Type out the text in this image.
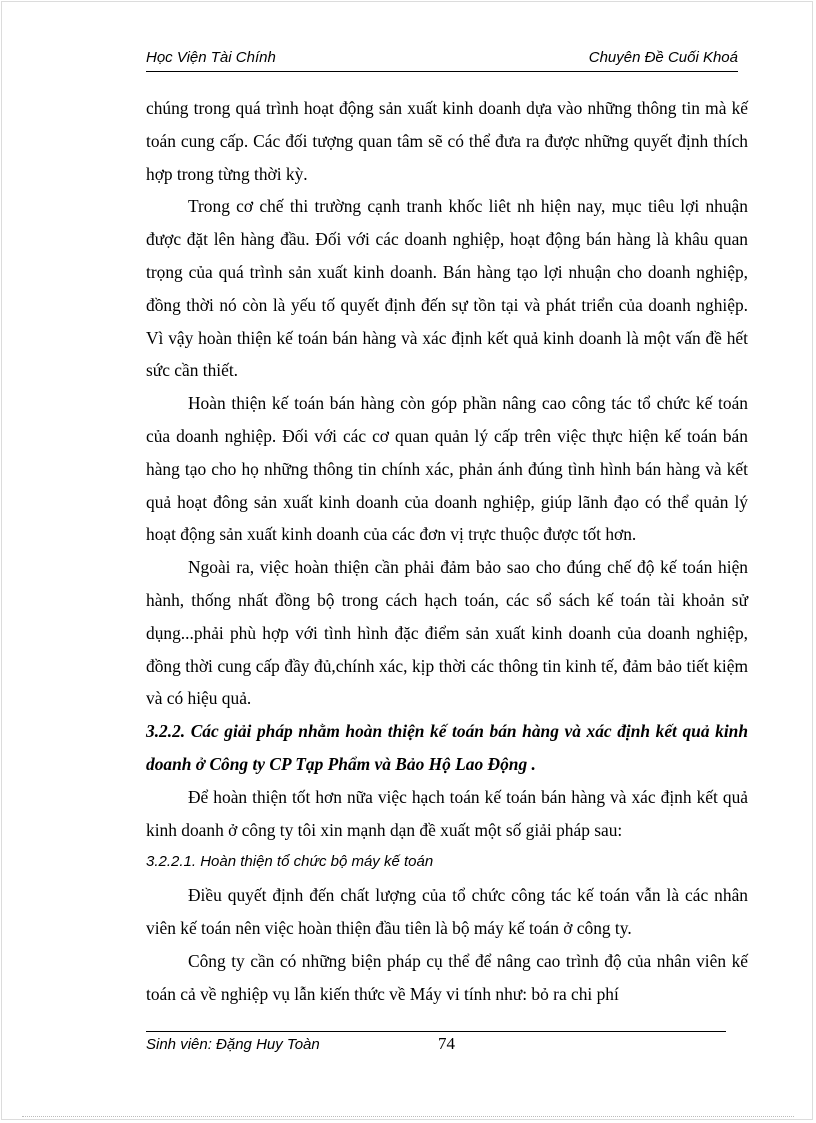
Học Viện Tài Chính	Chuyên Đề Cuối Khoá

chúng trong quá trình hoạt động sản xuất kinh doanh dựa vào những thông tin mà kế toán cung cấp. Các đối tượng quan tâm sẽ có thể đưa ra được những quyết định thích hợp trong từng thời kỳ.

Trong cơ chế thi trường cạnh tranh khốc liêt nh hiện nay, mục tiêu lợi nhuận được đặt lên hàng đầu. Đối với các doanh nghiệp, hoạt động bán hàng là khâu quan trọng của quá trình sản xuất kinh doanh. Bán hàng tạo lợi nhuận cho doanh nghiệp, đồng thời nó còn là yếu tố quyết định đến sự tồn tại và phát triển của doanh nghiệp. Vì vậy hoàn thiện kế toán bán hàng và xác định kết quả kinh doanh là một vấn đề hết sức cần thiết.

Hoàn thiện kế toán bán hàng còn góp phần nâng cao công tác tổ chức kế toán của doanh nghiệp. Đối với các cơ quan quản lý cấp trên việc thực hiện kế toán bán hàng tạo cho họ những thông tin chính xác, phản ánh đúng tình hình bán hàng và kết quả hoạt đông sản xuất kinh doanh của doanh nghiệp, giúp lãnh đạo có thể quản lý hoạt động sản xuất kinh doanh của các đơn vị trực thuộc được tốt hơn.

Ngoài ra, việc hoàn thiện cần phải đảm bảo sao cho đúng chế độ kế toán hiện hành, thống nhất đồng bộ trong cách hạch toán, các sổ sách kế toán tài khoản sử dụng...phải phù hợp với tình hình đặc điểm sản xuất kinh doanh của doanh nghiệp, đồng thời cung cấp đầy đủ,chính xác, kịp thời các thông tin kinh tế, đảm bảo tiết kiệm và có hiệu quả.

3.2.2. Các giải pháp nhằm hoàn thiện kế toán bán hàng và xác định kết quả kinh doanh ở Công ty CP Tạp Phẩm và Bảo Hộ Lao Động .

Để hoàn thiện tốt hơn nữa việc hạch toán kế toán bán hàng và xác định kết quả kinh doanh ở công ty tôi xin mạnh dạn đề xuất một số giải pháp sau:

3.2.2.1. Hoàn thiện tổ chức bộ máy kế toán

Điều quyết định đến chất lượng của tổ chức công tác kế toán vẫn là các nhân viên kế toán nên việc hoàn thiện đầu tiên là bộ máy kế toán ở công ty.

Công ty cần có những biện pháp cụ thể để nâng cao trình độ của nhân viên kế toán cả về nghiệp vụ lẫn kiến thức về Máy vi tính như: bỏ ra chi phí

Sinh viên: Đặng Huy Toàn	74
